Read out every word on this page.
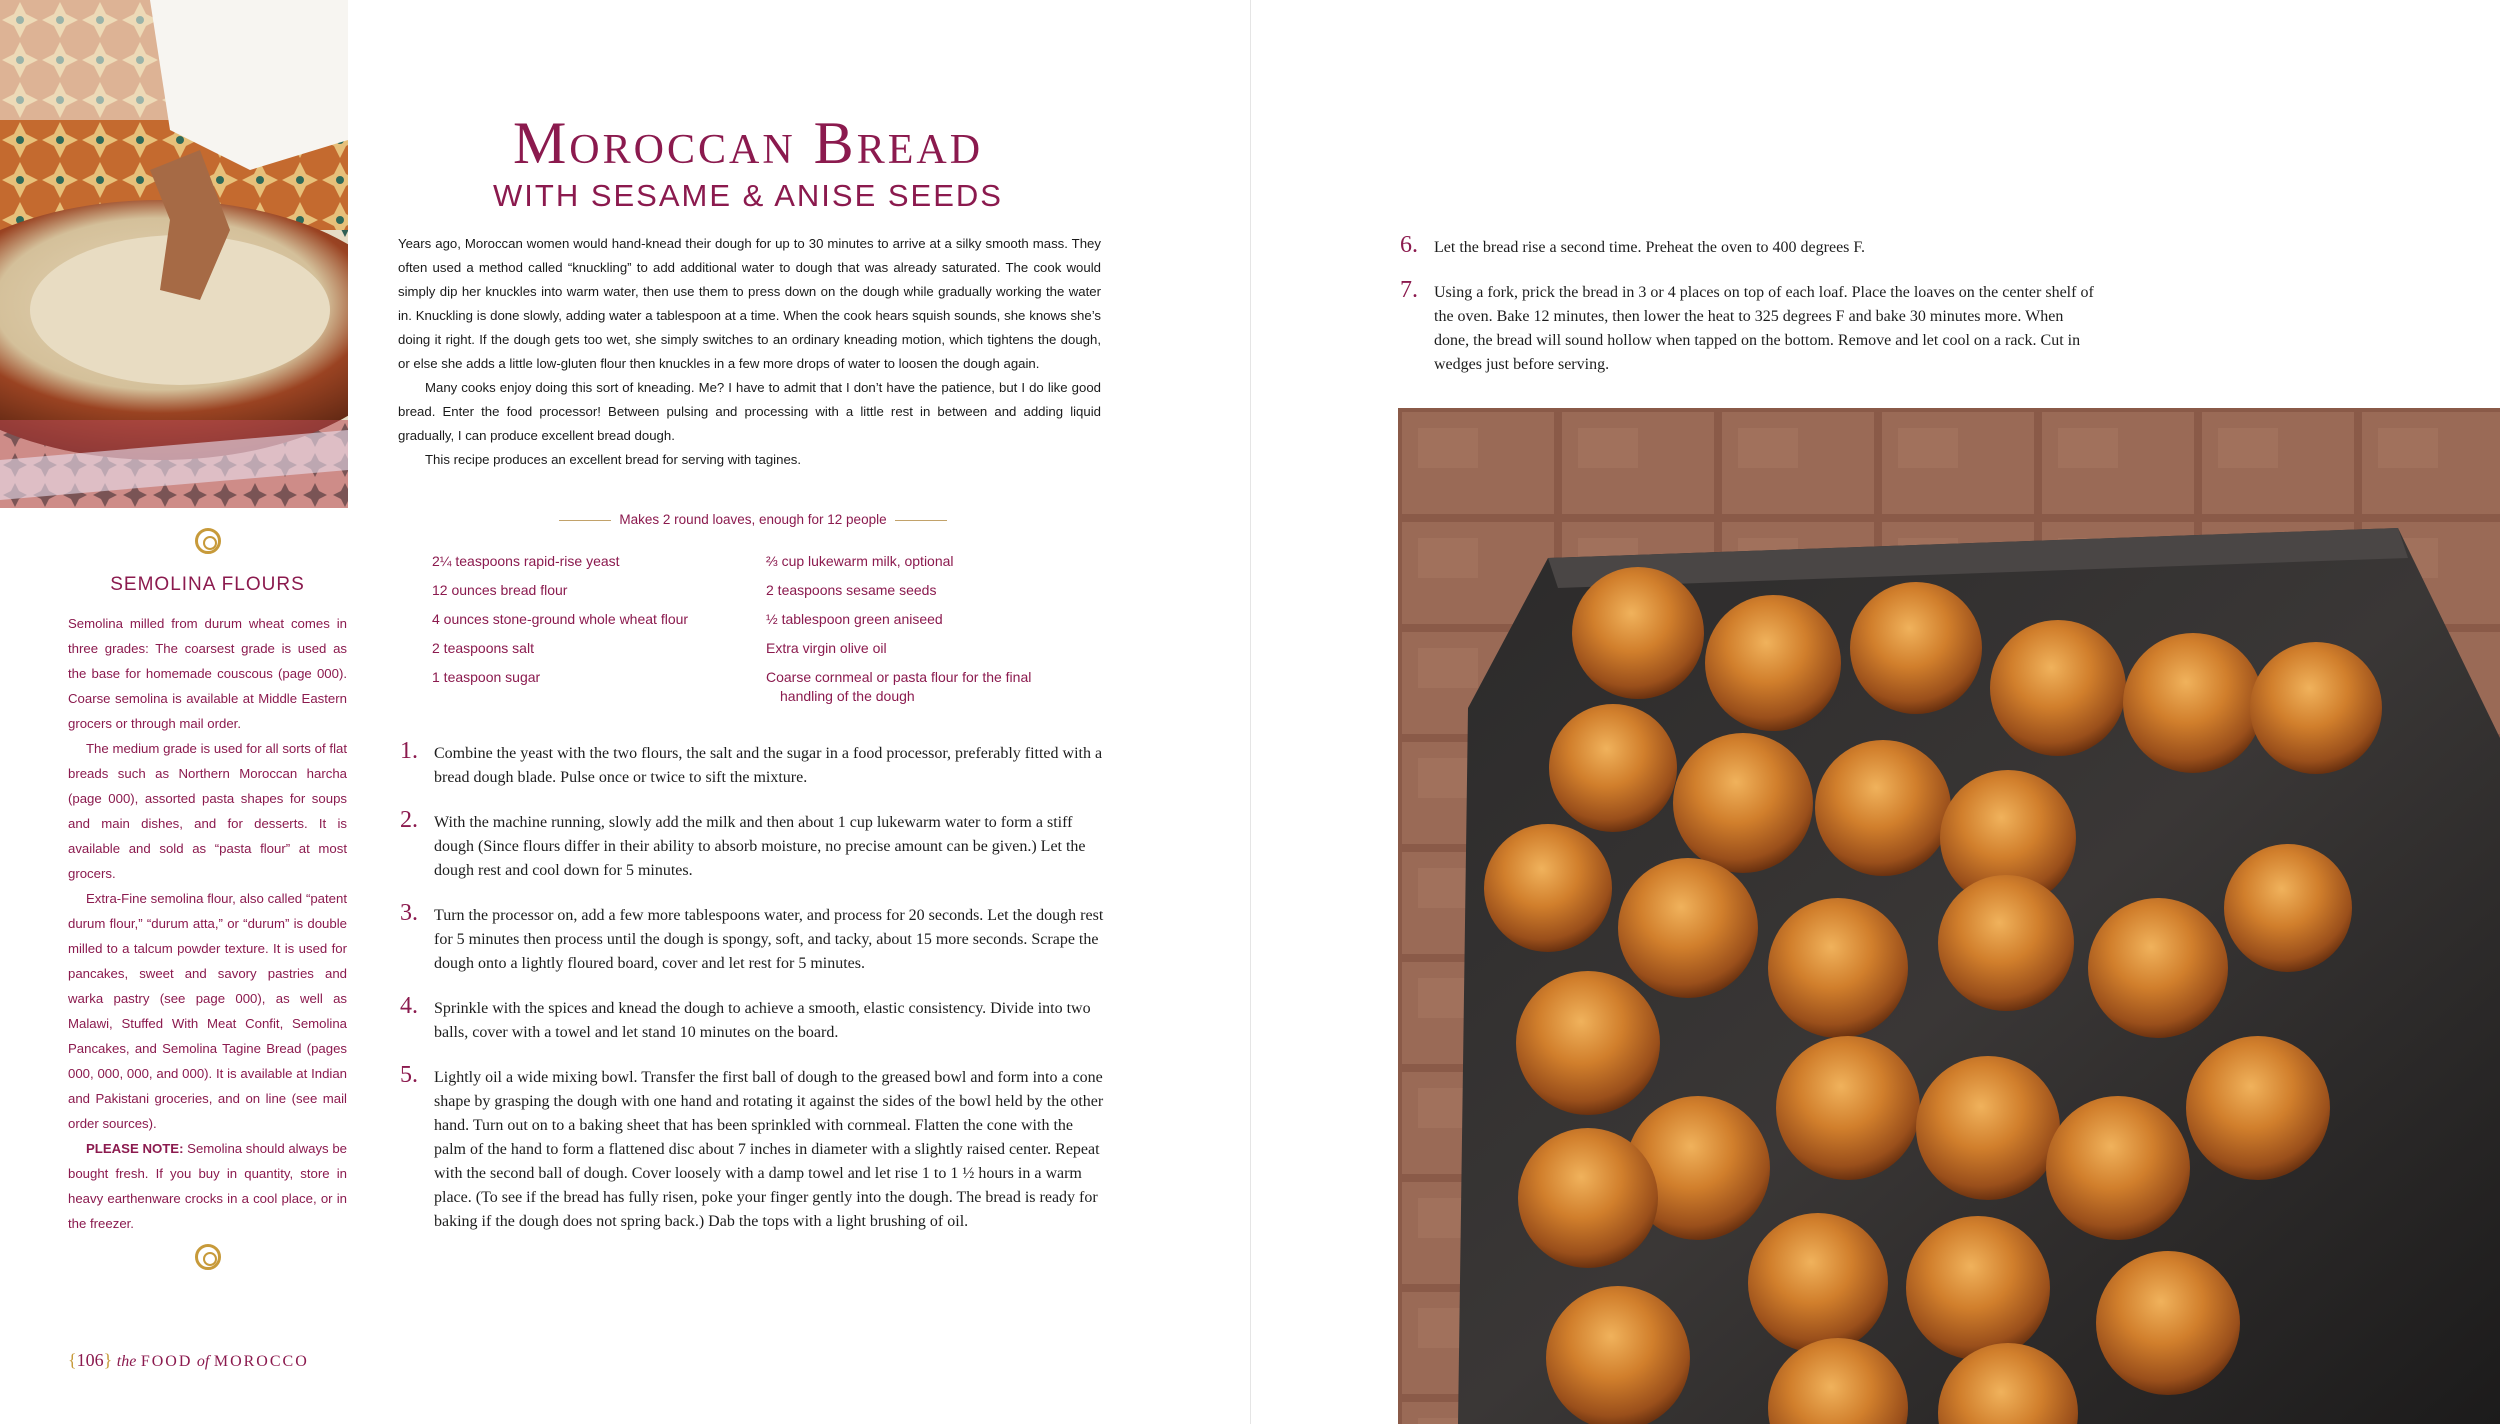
Moroccan Bread
WITH SESAME & ANISE SEEDS

Years ago, Moroccan women would hand-knead their dough for up to 30 minutes to arrive at a silky smooth mass. They often used a method called “knuckling” to add additional water to dough that was already saturated. The cook would simply dip her knuckles into warm water, then use them to press down on the dough while gradually working the water in. Knuckling is done slowly, adding water a tablespoon at a time. When the cook hears squish sounds, she knows she’s doing it right. If the dough gets too wet, she simply switches to an ordinary kneading motion, which tightens the dough, or else she adds a little low-gluten flour then knuckles in a few more drops of water to loosen the dough again.

Many cooks enjoy doing this sort of kneading. Me? I have to admit that I don’t have the patience, but I do like good bread. Enter the food processor! Between pulsing and processing with a little rest in between and adding liquid gradually, I can produce excellent bread dough.

This recipe produces an excellent bread for serving with tagines.

Makes 2 round loaves, enough for 12 people
2¼ teaspoons rapid-rise yeast
12 ounces bread flour
4 ounces stone-ground whole wheat flour
2 teaspoons salt
1 teaspoon sugar
⅔ cup lukewarm milk, optional
2 teaspoons sesame seeds
½ tablespoon green aniseed
Extra virgin olive oil
Coarse cornmeal or pasta flour for the final handling of the dough
1. Combine the yeast with the two flours, the salt and the sugar in a food processor, preferably fitted with a bread dough blade. Pulse once or twice to sift the mixture.
2. With the machine running, slowly add the milk and then about 1 cup lukewarm water to form a stiff dough (Since flours differ in their ability to absorb moisture, no precise amount can be given.) Let the dough rest and cool down for 5 minutes.
3. Turn the processor on, add a few more tablespoons water, and process for 20 seconds. Let the dough rest for 5 minutes then process until the dough is spongy, soft, and tacky, about 15 more seconds. Scrape the dough onto a lightly floured board, cover and let rest for 5 minutes.
4. Sprinkle with the spices and knead the dough to achieve a smooth, elastic consistency. Divide into two balls, cover with a towel and let stand 10 minutes on the board.
5. Lightly oil a wide mixing bowl. Transfer the first ball of dough to the greased bowl and form into a cone shape by grasping the dough with one hand and rotating it against the sides of the bowl held by the other hand. Turn out on to a baking sheet that has been sprinkled with cornmeal. Flatten the cone with the palm of the hand to form a flattened disc about 7 inches in diameter with a slightly raised center. Repeat with the second ball of dough. Cover loosely with a damp towel and let rise 1 to 1 ½ hours in a warm place. (To see if the bread has fully risen, poke your finger gently into the dough. The bread is ready for baking if the dough does not spring back.) Dab the tops with a light brushing of oil.
SEMOLINA FLOURS

Semolina milled from durum wheat comes in three grades: The coarsest grade is used as the base for homemade couscous (page 000). Coarse semolina is available at Middle Eastern grocers or through mail order.

The medium grade is used for all sorts of flat breads such as Northern Moroccan harcha (page 000), assorted pasta shapes for soups and main dishes, and for desserts. It is available and sold as “pasta flour” at most grocers.

Extra-Fine semolina flour, also called “patent durum flour,” “durum atta,” or “durum” is double milled to a talcum powder texture. It is used for pancakes, sweet and savory pastries and warka pastry (see page 000), as well as Malawi, Stuffed With Meat Confit, Semolina Pancakes, and Semolina Tagine Bread (pages 000, 000, 000, and 000). It is available at Indian and Pakistani groceries, and on line (see mail order sources).

PLEASE NOTE: Semolina should always be bought fresh. If you buy in quantity, store in heavy earthenware crocks in a cool place, or in the freezer.

{106} the FOOD of MOROCCO
6. Let the bread rise a second time. Preheat the oven to 400 degrees F.
7. Using a fork, prick the bread in 3 or 4 places on top of each loaf. Place the loaves on the center shelf of the oven. Bake 12 minutes, then lower the heat to 325 degrees F and bake 30 minutes more. When done, the bread will sound hollow when tapped on the bottom. Remove and let cool on a rack. Cut in wedges just before serving.
